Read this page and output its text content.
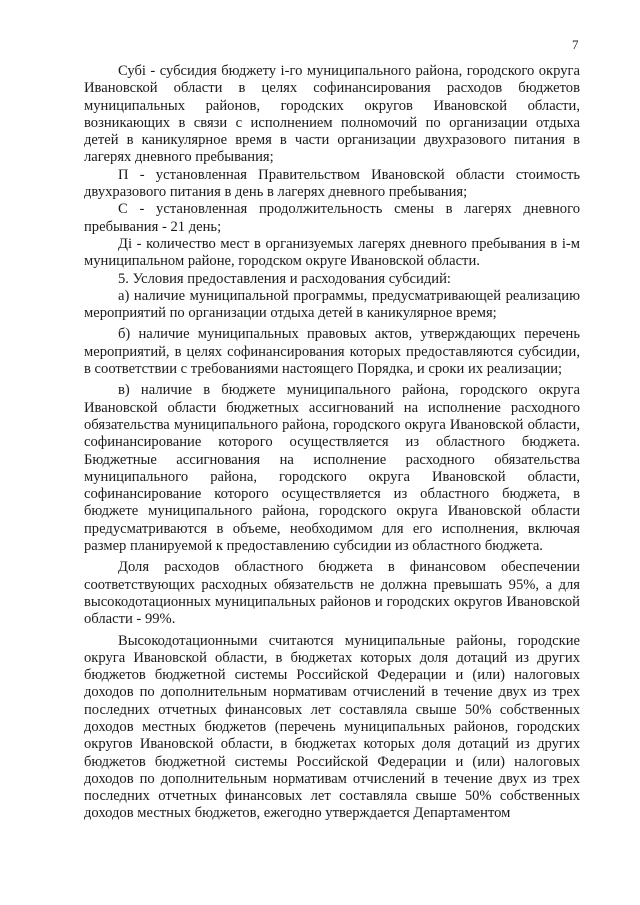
7

Субi - субсидия бюджету i-го муниципального района, городского округа Ивановской области в целях софинансирования расходов бюджетов муниципальных районов, городских округов Ивановской области, возникающих в связи с исполнением полномочий по организации отдыха детей в каникулярное время в части организации двухразового питания в лагерях дневного пребывания;

П - установленная Правительством Ивановской области стоимость двухразового питания в день в лагерях дневного пребывания;

С - установленная продолжительность смены в лагерях дневного пребывания - 21 день;

Дi - количество мест в организуемых лагерях дневного пребывания в i-м муниципальном районе, городском округе Ивановской области.

5. Условия предоставления и расходования субсидий:

а) наличие муниципальной программы, предусматривающей реализацию мероприятий по организации отдыха детей в каникулярное время;

б) наличие муниципальных правовых актов, утверждающих перечень мероприятий, в целях софинансирования которых предоставляются субсидии, в соответствии с требованиями настоящего Порядка, и сроки их реализации;

в) наличие в бюджете муниципального района, городского округа Ивановской области бюджетных ассигнований на исполнение расходного обязательства муниципального района, городского округа Ивановской области, софинансирование которого осуществляется из областного бюджета. Бюджетные ассигнования на исполнение расходного обязательства муниципального района, городского округа Ивановской области, софинансирование которого осуществляется из областного бюджета, в бюджете муниципального района, городского округа Ивановской области предусматриваются в объеме, необходимом для его исполнения, включая размер планируемой к предоставлению субсидии из областного бюджета.

Доля расходов областного бюджета в финансовом обеспечении соответствующих расходных обязательств не должна превышать 95%, а для высокодотационных муниципальных районов и городских округов Ивановской области - 99%.

Высокодотационными считаются муниципальные районы, городские округа Ивановской области, в бюджетах которых доля дотаций из других бюджетов бюджетной системы Российской Федерации и (или) налоговых доходов по дополнительным нормативам отчислений в течение двух из трех последних отчетных финансовых лет составляла свыше 50% собственных доходов местных бюджетов (перечень муниципальных районов, городских округов Ивановской области, в бюджетах которых доля дотаций из других бюджетов бюджетной системы Российской Федерации и (или) налоговых доходов по дополнительным нормативам отчислений в течение двух из трех последних отчетных финансовых лет составляла свыше 50% собственных доходов местных бюджетов, ежегодно утверждается Департаментом
